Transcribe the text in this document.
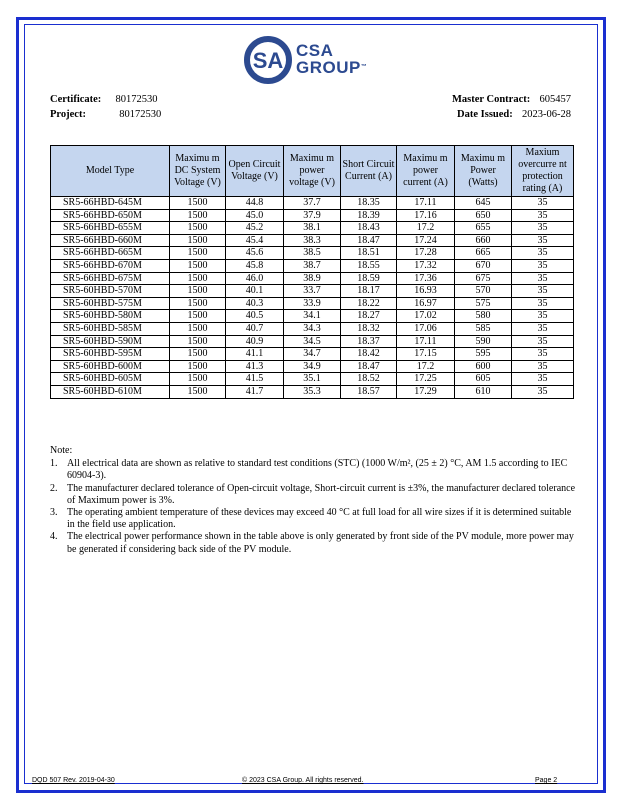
SA CSA
GROUP™
Certificate: 80172530
Project:	80172530
Master Contract: 605457
Date Issued: 2023-06-28
Model Type	Maximu m DC System Voltage (V)	Open Circuit Voltage (V)	Maximu m power voltage (V)	Short Circuit Current (A)	Maximu m power current (A)	Maximu m Power (Watts)	Maxium overcurre nt protection rating (A)
SR5-66HBD-645M	1500	44.8	37.7	18.35	17.11	645	35
SR5-66HBD-650M	1500	45.0	37.9	18.39	17.16	650	35
SR5-66HBD-655M	1500	45.2	38.1	18.43	17.2	655	35
SR5-66HBD-660M	1500	45.4	38.3	18.47	17.24	660	35
SR5-66HBD-665M	1500	45.6	38.5	18.51	17.28	665	35
SR5-66HBD-670M	1500	45.8	38.7	18.55	17.32	670	35
SR5-66HBD-675M	1500	46.0	38.9	18.59	17.36	675	35
SR5-60HBD-570M	1500	40.1	33.7	18.17	16.93	570	35
SR5-60HBD-575M	1500	40.3	33.9	18.22	16.97	575	35
SR5-60HBD-580M	1500	40.5	34.1	18.27	17.02	580	35
SR5-60HBD-585M	1500	40.7	34.3	18.32	17.06	585	35
SR5-60HBD-590M	1500	40.9	34.5	18.37	17.11	590	35
SR5-60HBD-595M	1500	41.1	34.7	18.42	17.15	595	35
SR5-60HBD-600M	1500	41.3	34.9	18.47	17.2	600	35
SR5-60HBD-605M	1500	41.5	35.1	18.52	17.25	605	35
SR5-60HBD-610M	1500	41.7	35.3	18.57	17.29	610	35
Note:
1. All electrical data are shown as relative to standard test conditions (STC) (1000 W/m², (25 ± 2) °C, AM 1.5 according to IEC 60904-3).
2. The manufacturer declared tolerance of Open-circuit voltage, Short-circuit current is ±3%, the manufacturer declared tolerance of Maximum power is 3%.
3. The operating ambient temperature of these devices may exceed 40 °C at full load for all wire sizes if it is determined suitable in the field use application.
4. The electrical power performance shown in the table above is only generated by front side of the PV module, more power may be generated if considering back side of the PV module.
DQD 507 Rev. 2019-04-30	© 2023 CSA Group. All rights reserved.	Page 2
